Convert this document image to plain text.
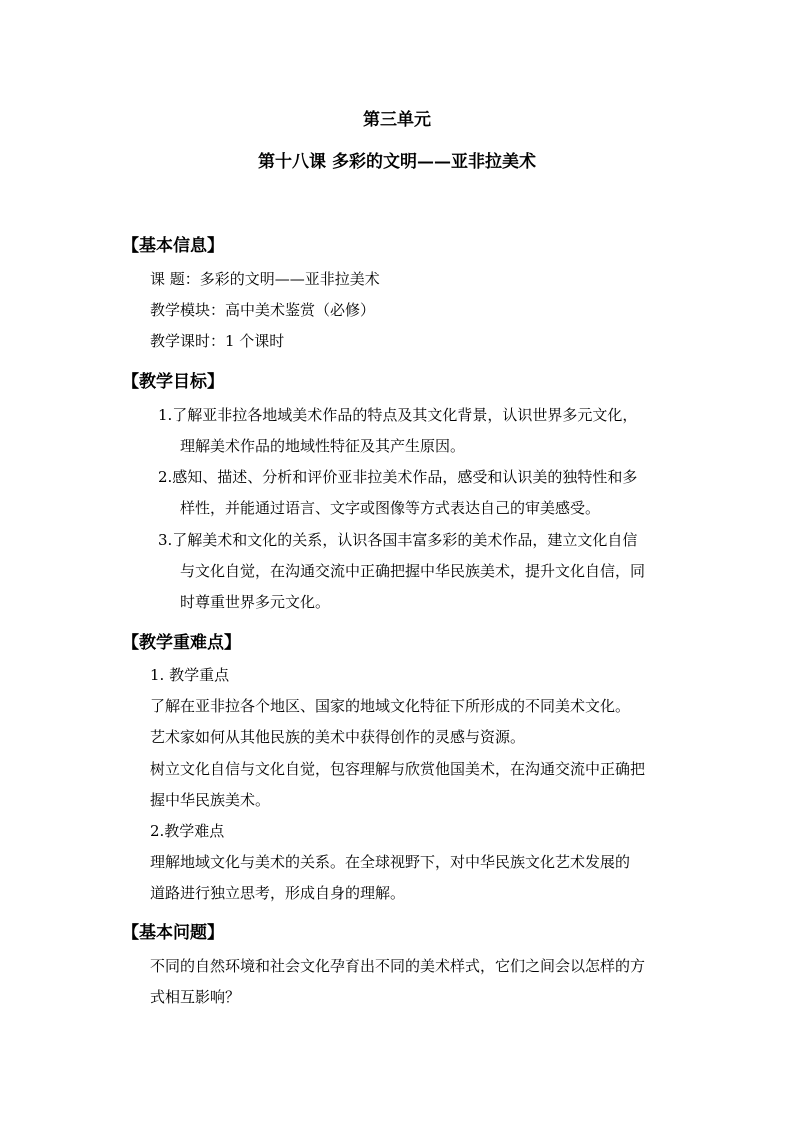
第三单元
第十八课 多彩的文明——亚非拉美术
【基本信息】
课 题：多彩的文明——亚非拉美术
教学模块：高中美术鉴赏（必修）
教学课时：1 个课时
【教学目标】
1.了解亚非拉各地域美术作品的特点及其文化背景，认识世界多元文化，
理解美术作品的地域性特征及其产生原因。
2.感知、描述、分析和评价亚非拉美术作品，感受和认识美的独特性和多
样性，并能通过语言、文字或图像等方式表达自己的审美感受。
3.了解美术和文化的关系，认识各国丰富多彩的美术作品，建立文化自信
与文化自觉，在沟通交流中正确把握中华民族美术，提升文化自信，同
时尊重世界多元文化。
【教学重难点】
1. 教学重点
了解在亚非拉各个地区、国家的地域文化特征下所形成的不同美术文化。
艺术家如何从其他民族的美术中获得创作的灵感与资源。
树立文化自信与文化自觉，包容理解与欣赏他国美术，在沟通交流中正确把
握中华民族美术。
2.教学难点
理解地域文化与美术的关系。在全球视野下，对中华民族文化艺术发展的
道路进行独立思考，形成自身的理解。
【基本问题】
不同的自然环境和社会文化孕育出不同的美术样式，它们之间会以怎样的方
式相互影响？
